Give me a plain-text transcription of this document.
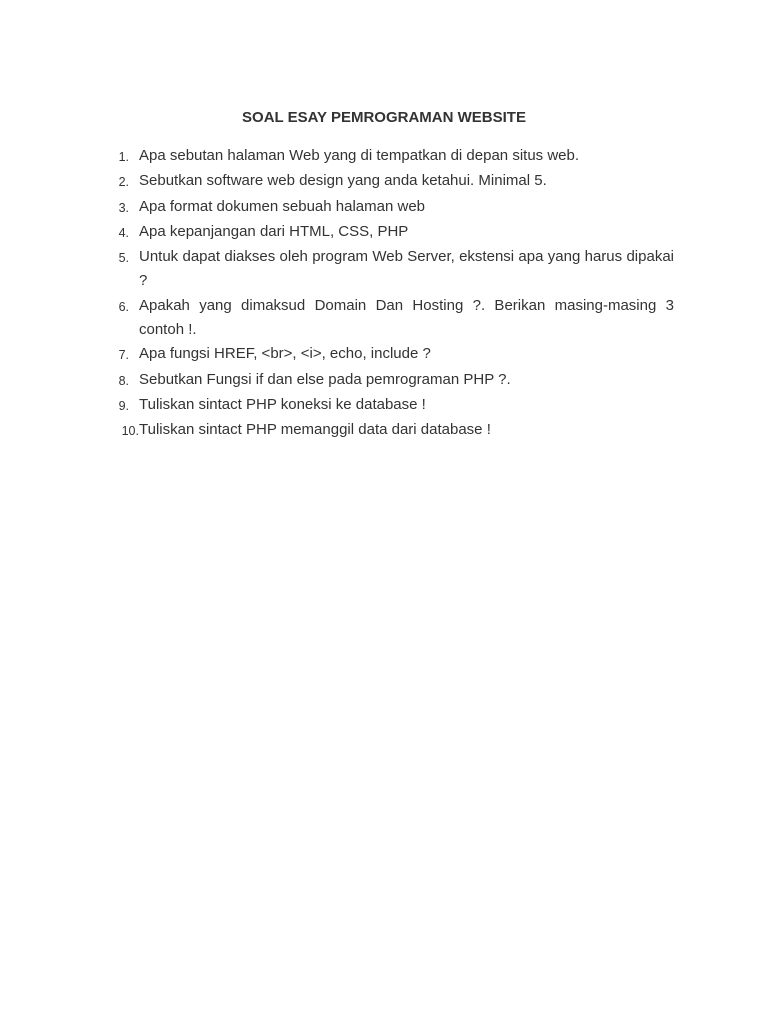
SOAL ESAY PEMROGRAMAN WEBSITE
1. Apa sebutan halaman Web yang di tempatkan di depan situs web.
2. Sebutkan software web design yang anda ketahui. Minimal 5.
3. Apa format dokumen sebuah halaman web
4. Apa kepanjangan dari HTML, CSS, PHP
5. Untuk dapat diakses oleh program Web Server, ekstensi apa yang harus dipakai ?
6. Apakah yang dimaksud Domain Dan Hosting ?. Berikan masing-masing 3 contoh !.
7. Apa fungsi HREF, <br>, <i>, echo, include ?
8. Sebutkan Fungsi if dan else pada pemrograman PHP ?.
9. Tuliskan sintact PHP koneksi ke database !
10. Tuliskan sintact PHP memanggil data dari database !
